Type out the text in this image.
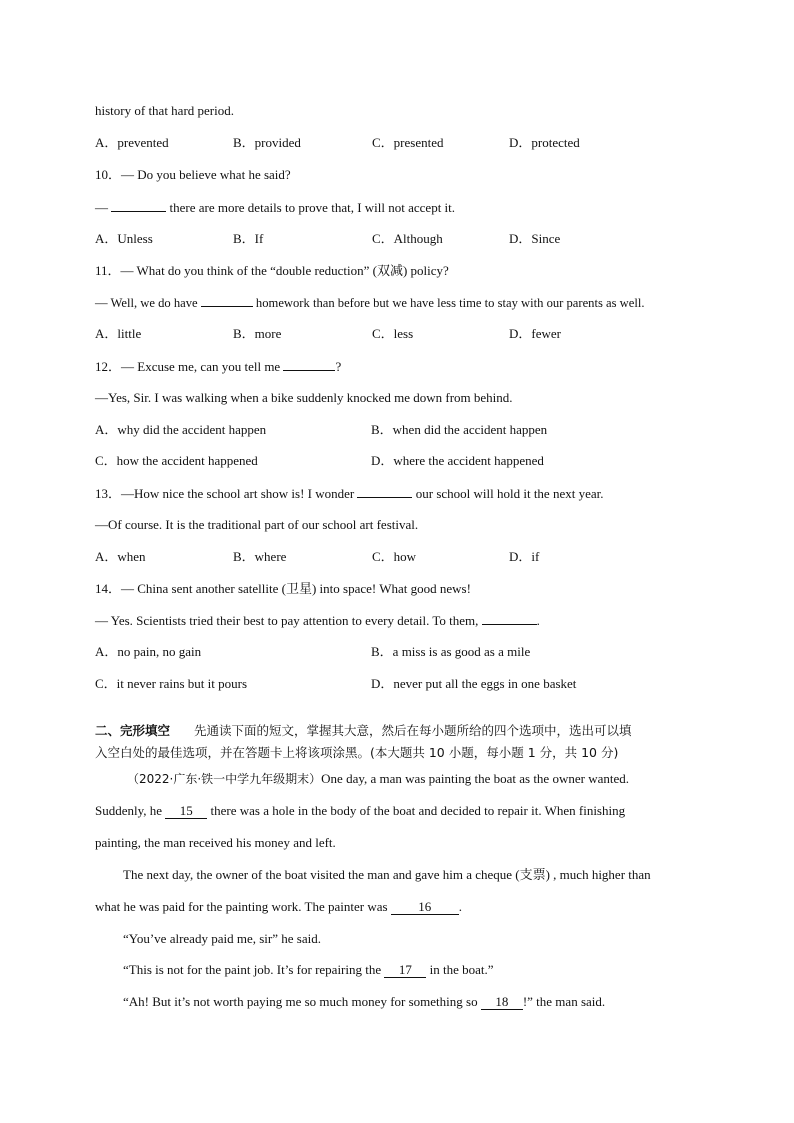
history of that hard period.
A．prevented	B．provided	C．presented	D．protected
10．— Do you believe what he said?
—	there are more details to prove that, I will not accept it.
A．Unless	B．If	C．Although	D．Since
11．— What do you think of the “double reduction” (双减) policy?
— Well, we do have	homework than before but we have less time to stay with our parents as well.
A．little	B．more	C．less	D．fewer
12．— Excuse me, can you tell me	?
—Yes, Sir. I was walking when a bike suddenly knocked me down from behind.
A．why did the accident happen	B．when did the accident happen
C．how the accident happened	D．where the accident happened
13．—How nice the school art show is! I wonder	our school will hold it the next year.
—Of course. It is the traditional part of our school art festival.
A．when	B．where	C．how	D．if
14．— China sent another satellite (卫星) into space! What good news!
— Yes. Scientists tried their best to pay attention to every detail. To them,	.
A．no pain, no gain	B．a miss is as good as a mile
C．it never rains but it pours	D．never put all the eggs in one basket
二、完形填空 先通读下面的短文，掌握其大意，然后在每小题所给的四个选项中，选出可以填
入空白处的最佳选项，并在答题卡上将该项涂黑。(本大题共 10 小题，每小题 1 分，共 10 分)
（2022·广东·铁一中学九年级期末）One day, a man was painting the boat as the owner wanted.
Suddenly, he 15 there was a hole in the body of the boat and decided to repair it. When finishing
painting, the man received his money and left.
The next day, the owner of the boat visited the man and gave him a cheque (支票) , much higher than
what he was paid for the painting work. The painter was 16 .
“You’ve already paid me, sir” he said.
“This is not for the paint job. It’s for repairing the 17 in the boat.”
“Ah! But it’s not worth paying me so much money for something so 18 !” the man said.
